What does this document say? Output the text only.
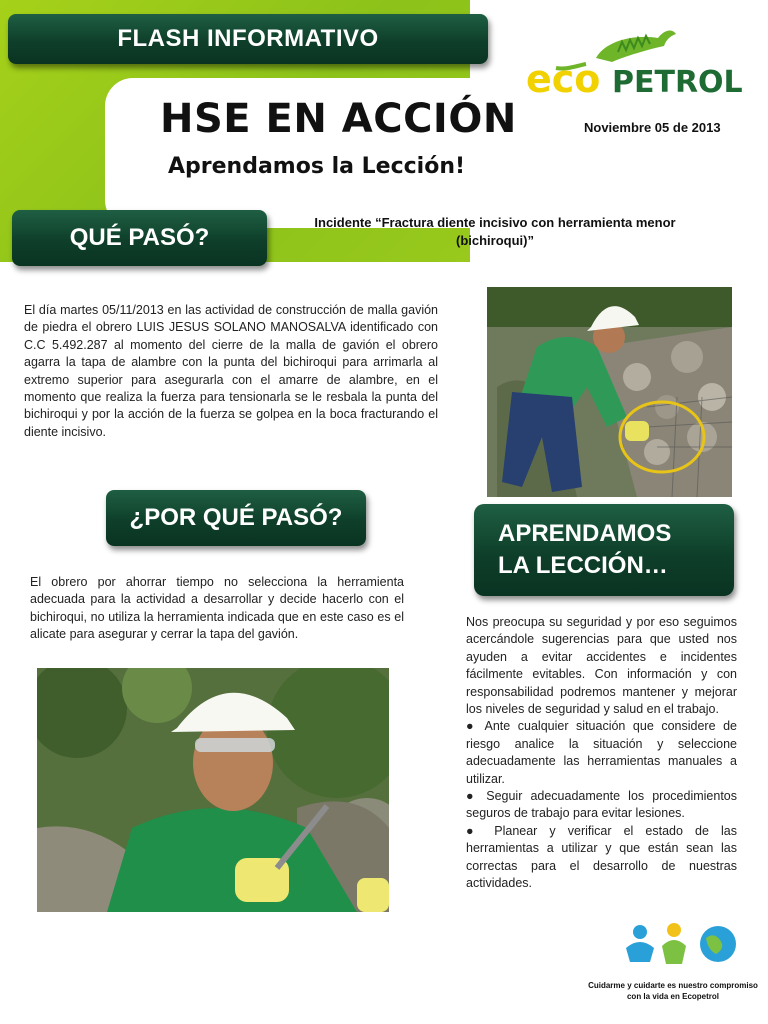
FLASH INFORMATIVO
eco PETROL
HSE EN ACCIÓN
Aprendamos la Lección!
Noviembre 05 de 2013
QUÉ PASÓ?
Incidente “Fractura diente incisivo con herramienta menor (bichiroqui)”
El día martes 05/11/2013 en las actividad de construcción de malla gavión de piedra el obrero LUIS JESUS SOLANO MANOSALVA identificado con C.C 5.492.287 al momento del cierre de la malla de gavión el obrero agarra la tapa de alambre con la punta del bichiroqui para arrimarla al extremo superior para asegurarla con el amarre de alambre, en el momento que realiza la fuerza para tensionarla se le resbala la punta del bichiroqui y por la acción de la fuerza se golpea en la boca fracturando el diente incisivo.
¿POR QUÉ PASÓ?
APRENDAMOS
LA LECCIÓN…
El obrero por ahorrar tiempo no selecciona la herramienta adecuada para la actividad a desarrollar y decide hacerlo con el bichiroqui, no utiliza la herramienta indicada que en este caso es el alicate para asegurar y cerrar la tapa del gavión.
Nos preocupa su seguridad y por eso seguimos acercándole sugerencias para que usted nos ayuden a evitar accidentes e incidentes fácilmente evitables. Con información y con responsabilidad podremos mantener y mejorar los niveles de seguridad y salud en el trabajo.
● Ante cualquier situación que considere de riesgo analice la situación y seleccione adecuadamente las herramientas manuales a utilizar.
● Seguir adecuadamente los procedimientos seguros de trabajo para evitar lesiones.
● Planear y verificar el estado de las herramientas a utilizar y que están sean las correctas para el desarrollo de nuestras actividades.
Cuidarme y cuidarte es nuestro compromiso
con la vida en Ecopetrol
